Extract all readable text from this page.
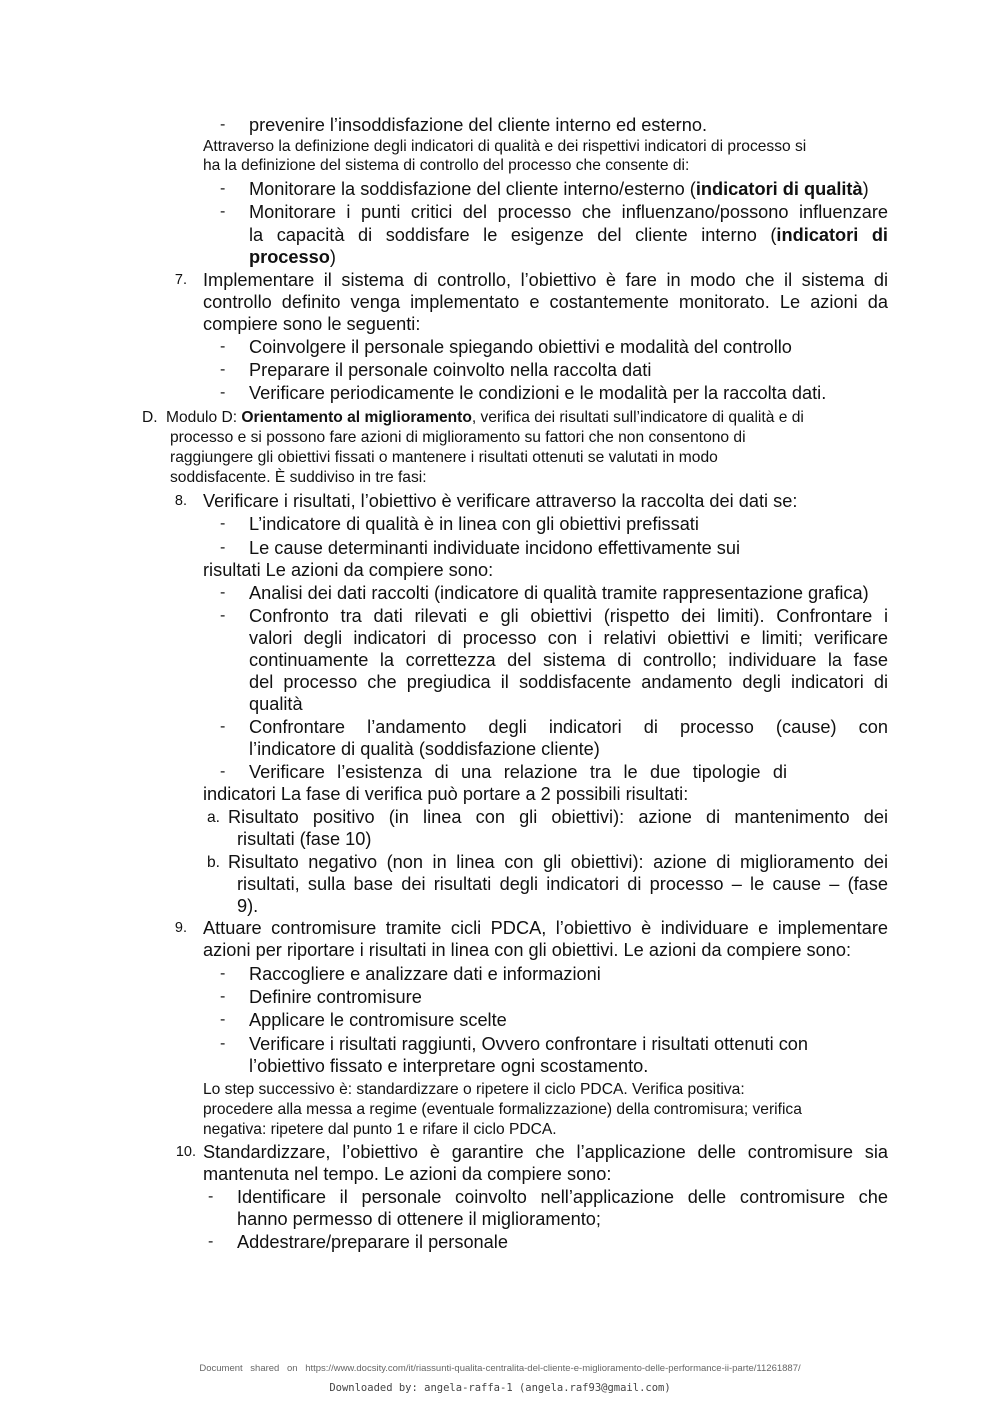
- prevenire l’insoddisfazione del cliente interno ed esterno.
Attraverso la definizione degli indicatori di qualità e dei rispettivi indicatori di processo si
ha la definizione del sistema di controllo del processo che consente di:
- Monitorare la soddisfazione del cliente interno/esterno (indicatori di qualità)
- Monitorare i punti critici del processo che influenzano/possono influenzare
la capacità di soddisfare le esigenze del cliente interno (indicatori di
processo)
7. Implementare il sistema di controllo, l’obiettivo è fare in modo che il sistema di
controllo definito venga implementato e costantemente monitorato. Le azioni da
compiere sono le seguenti:
- Coinvolgere il personale spiegando obiettivi e modalità del controllo
- Preparare il personale coinvolto nella raccolta dati
- Verificare periodicamente le condizioni e le modalità per la raccolta dati.
D. Modulo D: Orientamento al miglioramento, verifica dei risultati sull’indicatore di qualità e di
processo e si possono fare azioni di miglioramento su fattori che non consentono di
raggiungere gli obiettivi fissati o mantenere i risultati ottenuti se valutati in modo
soddisfacente. È suddiviso in tre fasi:
8. Verificare i risultati, l’obiettivo è verificare attraverso la raccolta dei dati se:
- L’indicatore di qualità è in linea con gli obiettivi prefissati
- Le cause determinanti individuate incidono effettivamente sui
risultati Le azioni da compiere sono:
- Analisi dei dati raccolti (indicatore di qualità tramite rappresentazione grafica)
- Confronto tra dati rilevati e gli obiettivi (rispetto dei limiti). Confrontare i
valori degli indicatori di processo con i relativi obiettivi e limiti; verificare
continuamente la correttezza del sistema di controllo; individuare la fase
del processo che pregiudica il soddisfacente andamento degli indicatori di
qualità
- Confrontare l’andamento degli indicatori di processo (cause) con
l’indicatore di qualità (soddisfazione cliente)
- Verificare l’esistenza di una relazione tra le due tipologie di
indicatori La fase di verifica può portare a 2 possibili risultati:
a. Risultato positivo (in linea con gli obiettivi): azione di mantenimento dei
risultati (fase 10)
b. Risultato negativo (non in linea con gli obiettivi): azione di miglioramento dei
risultati, sulla base dei risultati degli indicatori di processo – le cause – (fase
9).
9. Attuare contromisure tramite cicli PDCA, l’obiettivo è individuare e implementare
azioni per riportare i risultati in linea con gli obiettivi. Le azioni da compiere sono:
- Raccogliere e analizzare dati e informazioni
- Definire contromisure
- Applicare le contromisure scelte
- Verificare i risultati raggiunti, Ovvero confrontare i risultati ottenuti con
l’obiettivo fissato e interpretare ogni scostamento.
Lo step successivo è: standardizzare o ripetere il ciclo PDCA. Verifica positiva:
procedere alla messa a regime (eventuale formalizzazione) della contromisura; verifica
negativa: ripetere dal punto 1 e rifare il ciclo PDCA.
10. Standardizzare, l’obiettivo è garantire che l’applicazione delle contromisure sia
mantenuta nel tempo. Le azioni da compiere sono:
- Identificare il personale coinvolto nell’applicazione delle contromisure che
hanno permesso di ottenere il miglioramento;
- Addestrare/preparare il personale
Document shared on https://www.docsity.com/it/riassunti-qualita-centralita-del-cliente-e-miglioramento-delle-performance-ii-parte/11261887/
Downloaded by: angela-raffa-1 (angela.raf93@gmail.com)
